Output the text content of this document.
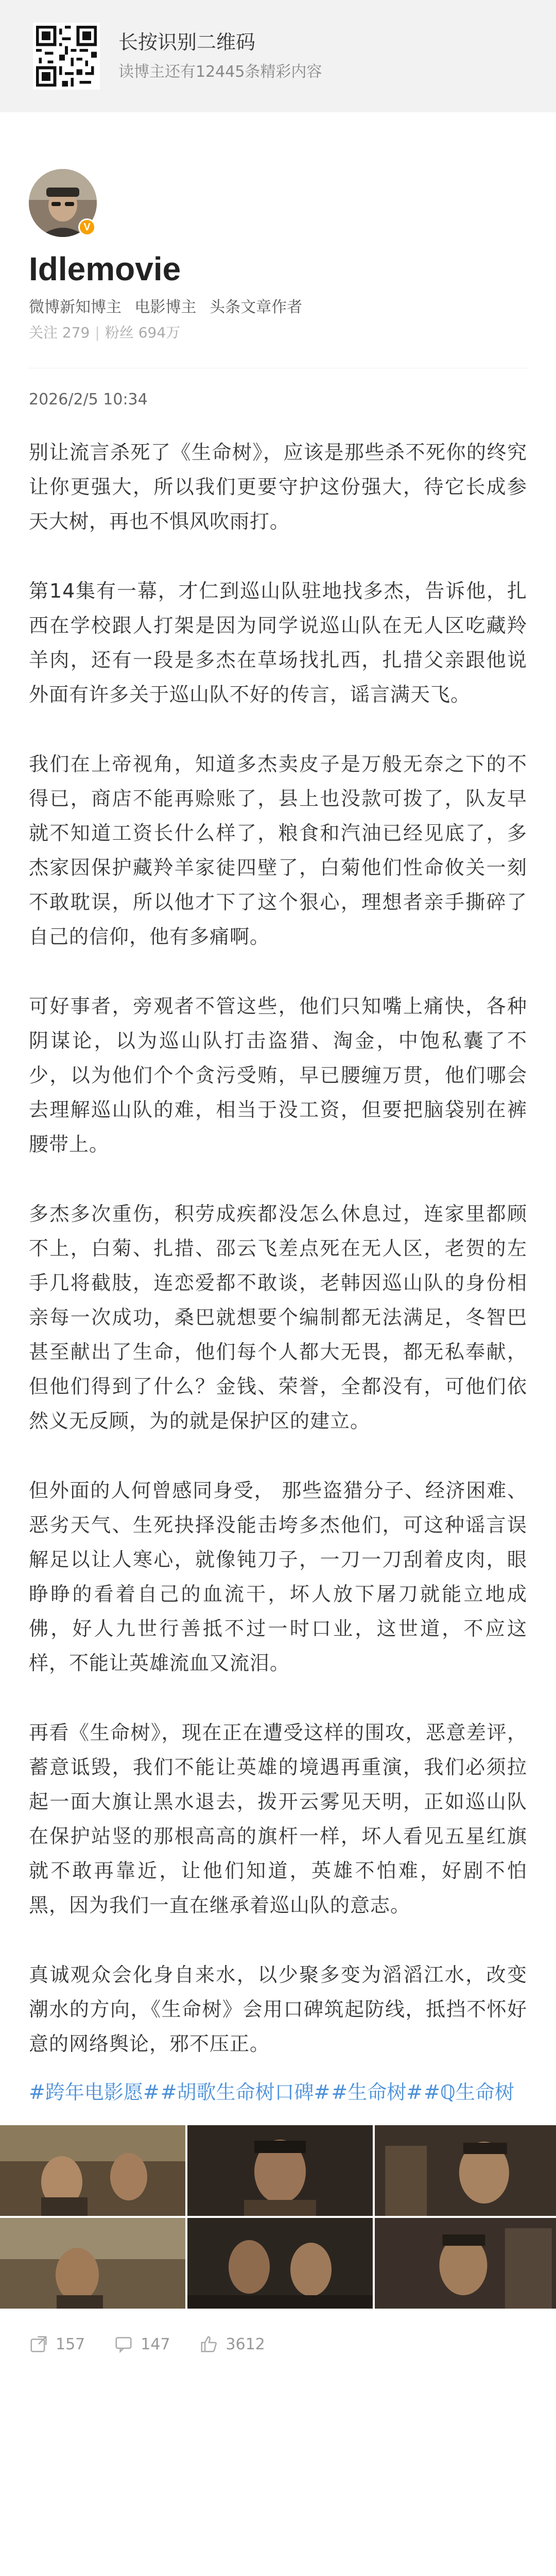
长按识别二维码
读博主还有12445条精彩内容
V
Idlemovie
微博新知博主 电影博主 头条文章作者
关注 279 | 粉丝 694万
2026/2/5 10:34

别让流言杀死了《生命树》，应该是那些杀不死你的终究让你更强大，所以我们更要守护这份强大，待它长成参天大树，再也不惧风吹雨打。

第14集有一幕，才仁到巡山队驻地找多杰，告诉他，扎西在学校跟人打架是因为同学说巡山队在无人区吃藏羚羊肉，还有一段是多杰在草场找扎西，扎措父亲跟他说外面有许多关于巡山队不好的传言，谣言满天飞。

我们在上帝视角，知道多杰卖皮子是万般无奈之下的不得已，商店不能再赊账了，县上也没款可拨了，队友早就不知道工资长什么样了，粮食和汽油已经见底了，多杰家因保护藏羚羊家徒四壁了，白菊他们性命攸关一刻不敢耽误，所以他才下了这个狠心，理想者亲手撕碎了自己的信仰，他有多痛啊。

可好事者，旁观者不管这些，他们只知嘴上痛快，各种阴谋论，以为巡山队打击盗猎、淘金，中饱私囊了不少，以为他们个个贪污受贿，早已腰缠万贯，他们哪会去理解巡山队的难，相当于没工资，但要把脑袋别在裤腰带上。

多杰多次重伤，积劳成疾都没怎么休息过，连家里都顾不上，白菊、扎措、邵云飞差点死在无人区，老贺的左手几将截肢，连恋爱都不敢谈，老韩因巡山队的身份相亲每一次成功，桑巴就想要个编制都无法满足，冬智巴甚至献出了生命，他们每个人都大无畏，都无私奉献，但他们得到了什么？金钱、荣誉，全都没有，可他们依然义无反顾，为的就是保护区的建立。

但外面的人何曾感同身受， 那些盗猎分子、经济困难、恶劣天气、生死抉择没能击垮多杰他们，可这种谣言误解足以让人寒心，就像钝刀子，一刀一刀刮着皮肉，眼睁睁的看着自己的血流干，坏人放下屠刀就能立地成佛，好人九世行善抵不过一时口业，这世道，不应这样，不能让英雄流血又流泪。

再看《生命树》，现在正在遭受这样的围攻，恶意差评，蓄意诋毁，我们不能让英雄的境遇再重演，我们必须拉起一面大旗让黑水退去，拨开云雾见天明，正如巡山队在保护站竖的那根高高的旗杆一样，坏人看见五星红旗就不敢再靠近，让他们知道，英雄不怕难，好剧不怕黑，因为我们一直在继承着巡山队的意志。

真诚观众会化身自来水，以少聚多变为滔滔江水，改变潮水的方向，《生命树》会用口碑筑起防线，抵挡不怀好意的网络舆论，邪不压正。

#跨年电影愿##胡歌生命树口碑##生命树##ℚ生命树
157	147	3612
